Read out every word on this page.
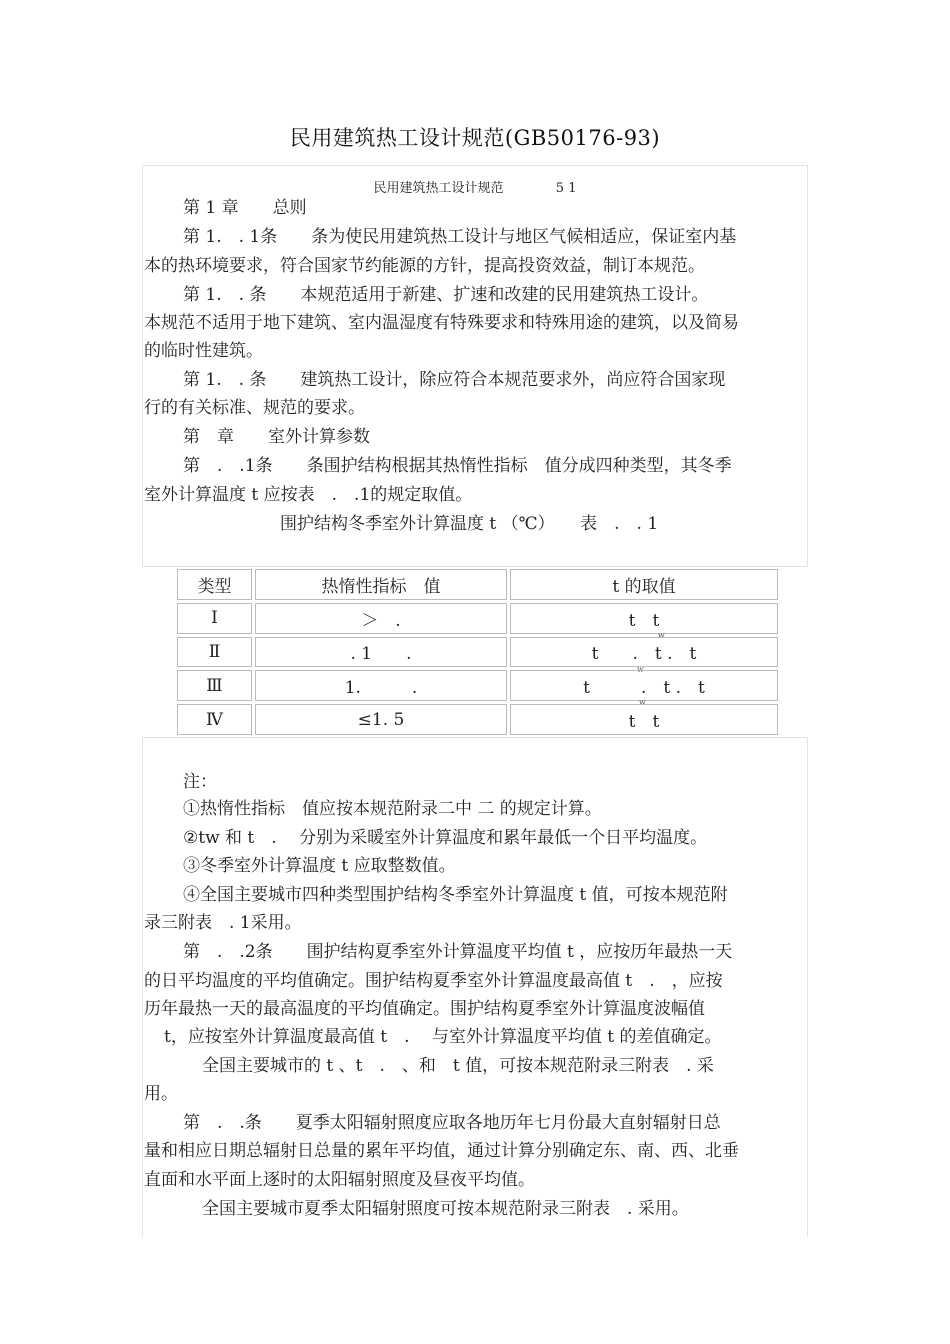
民用建筑热工设计规范(GB50176-93)
民用建筑热工设计规范	5 1
第 1 章　　总则
第 1.　. 1条　　条为使民用建筑热工设计与地区气候相适应，保证室内基
本的热环境要求，符合国家节约能源的方针，提高投资效益，制订本规范。
第 1.　. 条　　本规范适用于新建、扩速和改建的民用建筑热工设计。
本规范不适用于地下建筑、室内温湿度有特殊要求和特殊用途的建筑，以及简易
的临时性建筑。
第 1.　. 条　　建筑热工设计，除应符合本规范要求外，尚应符合国家现
行的有关标准、规范的要求。
第　章　　室外计算参数
第　.　.1条　　条围护结构根据其热惰性指标　值分成四种类型，其冬季
室外计算温度 t 应按表　.　.1的规定取值。
围护结构冬季室外计算温度 t （℃）　　表　.　. 1
类型	热惰性指标　值	t 的取值
Ⅰ	＞　.	t　t
w

Ⅱ	. 1　　.	t　　.　t .　t
w

Ⅲ	1.　　　.	t　　　.　t .　t
w

Ⅳ	≤1. 5	t　t
注：
①热惰性指标　值应按本规范附录二中 二 的规定计算。
②tw 和 t　.　 分别为采暖室外计算温度和累年最低一个日平均温度。
③冬季室外计算温度 t 应取整数值。
④全国主要城市四种类型围护结构冬季室外计算温度 t 值，可按本规范附
录三附表　. 1采用。
第　.　.2条　　围护结构夏季室外计算温度平均值 t ，应按历年最热一天
的日平均温度的平均值确定。围护结构夏季室外计算温度最高值 t　.　，应按
历年最热一天的最高温度的平均值确定。围护结构夏季室外计算温度波幅值
t，应按室外计算温度最高值 t　.　 与室外计算温度平均值 t 的差值确定。
全国主要城市的 t 、t　.　、和　t 值，可按本规范附录三附表　. 采
用。
第　.　.条　　夏季太阳辐射照度应取各地历年七月份最大直射辐射日总
量和相应日期总辐射日总量的累年平均值，通过计算分别确定东、南、西、北垂
直面和水平面上逐时的太阳辐射照度及昼夜平均值。
全国主要城市夏季太阳辐射照度可按本规范附录三附表　. 采用。
